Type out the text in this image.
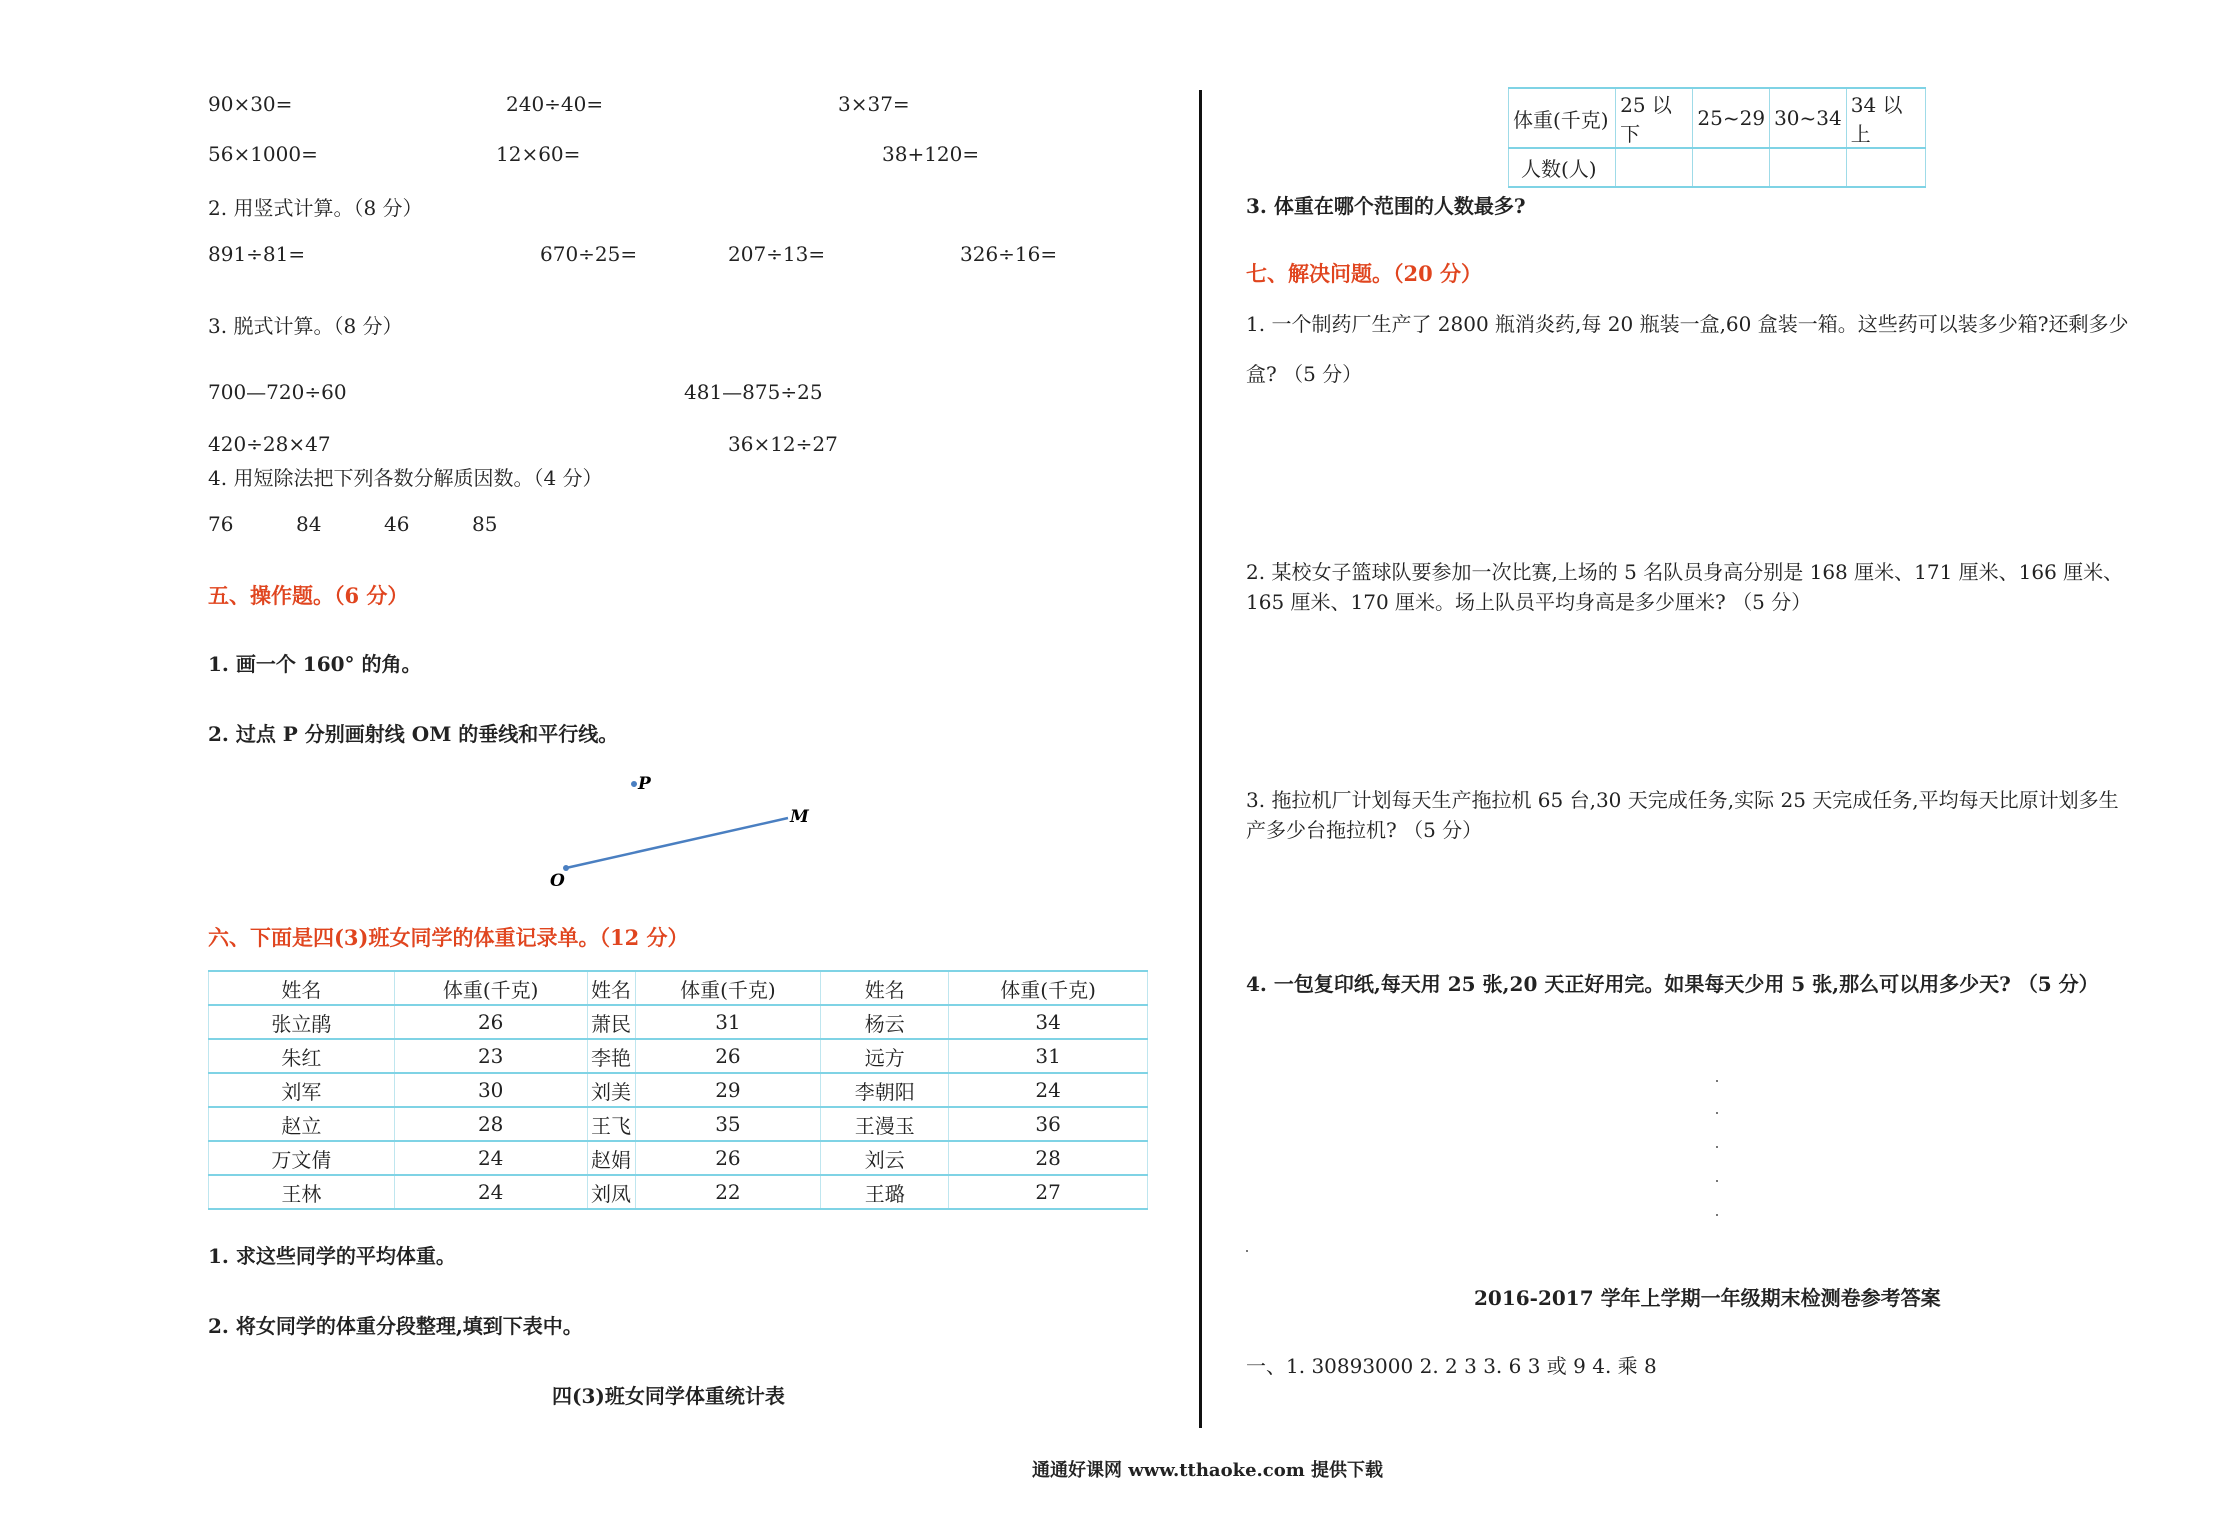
90×30=	240÷40=	3×37=
56×1000=	12×60=	38+120=
2. 用竖式计算。（8 分）
891÷81=	670÷25=	207÷13=	326÷16=
3. 脱式计算。（8 分）
700—720÷60	481—875÷25
420÷28×47	36×12÷27
4. 用短除法把下列各数分解质因数。（4 分）
76	84	46	85
五、操作题。（6 分）
1. 画一个 160° 的角。
2. 过点 P 分别画射线 OM 的垂线和平行线。
P
M
O
六、下面是四(3)班女同学的体重记录单。（12 分）
姓名	体重(千克)	姓名	体重(千克)	姓名	体重(千克)
张立鹃	26	萧民	31	杨云	34
朱红	23	李艳	26	远方	31
刘军	30	刘美	29	李朝阳	24
赵立	28	王飞	35	王漫玉	36
万文倩	24	赵娟	26	刘云	28
王林	24	刘凤	22	王璐	27
1. 求这些同学的平均体重。
2. 将女同学的体重分段整理,填到下表中。
四(3)班女同学体重统计表
体重(千克)	25 以下	25~29	30~34	34 以上
人数(人)				
3. 体重在哪个范围的人数最多?
七、解决问题。（20 分）
1. 一个制药厂生产了 2800 瓶消炎药,每 20 瓶装一盒,60 盒装一箱。这些药可以装多少箱?还剩多少
盒? （5 分）
2. 某校女子篮球队要参加一次比赛,上场的 5 名队员身高分别是 168 厘米、171 厘米、166 厘米、
165 厘米、170 厘米。场上队员平均身高是多少厘米? （5 分）
3. 拖拉机厂计划每天生产拖拉机 65 台,30 天完成任务,实际 25 天完成任务,平均每天比原计划多生
产多少台拖拉机? （5 分）
4. 一包复印纸,每天用 25 张,20 天正好用完。如果每天少用 5 张,那么可以用多少天? （5 分）
2016-2017 学年上学期一年级期末检测卷参考答案
一、1. 30893000 2. 2 3 3. 6 3 或 9 4. 乘 8
通通好课网 www.tthaoke.com 提供下载
